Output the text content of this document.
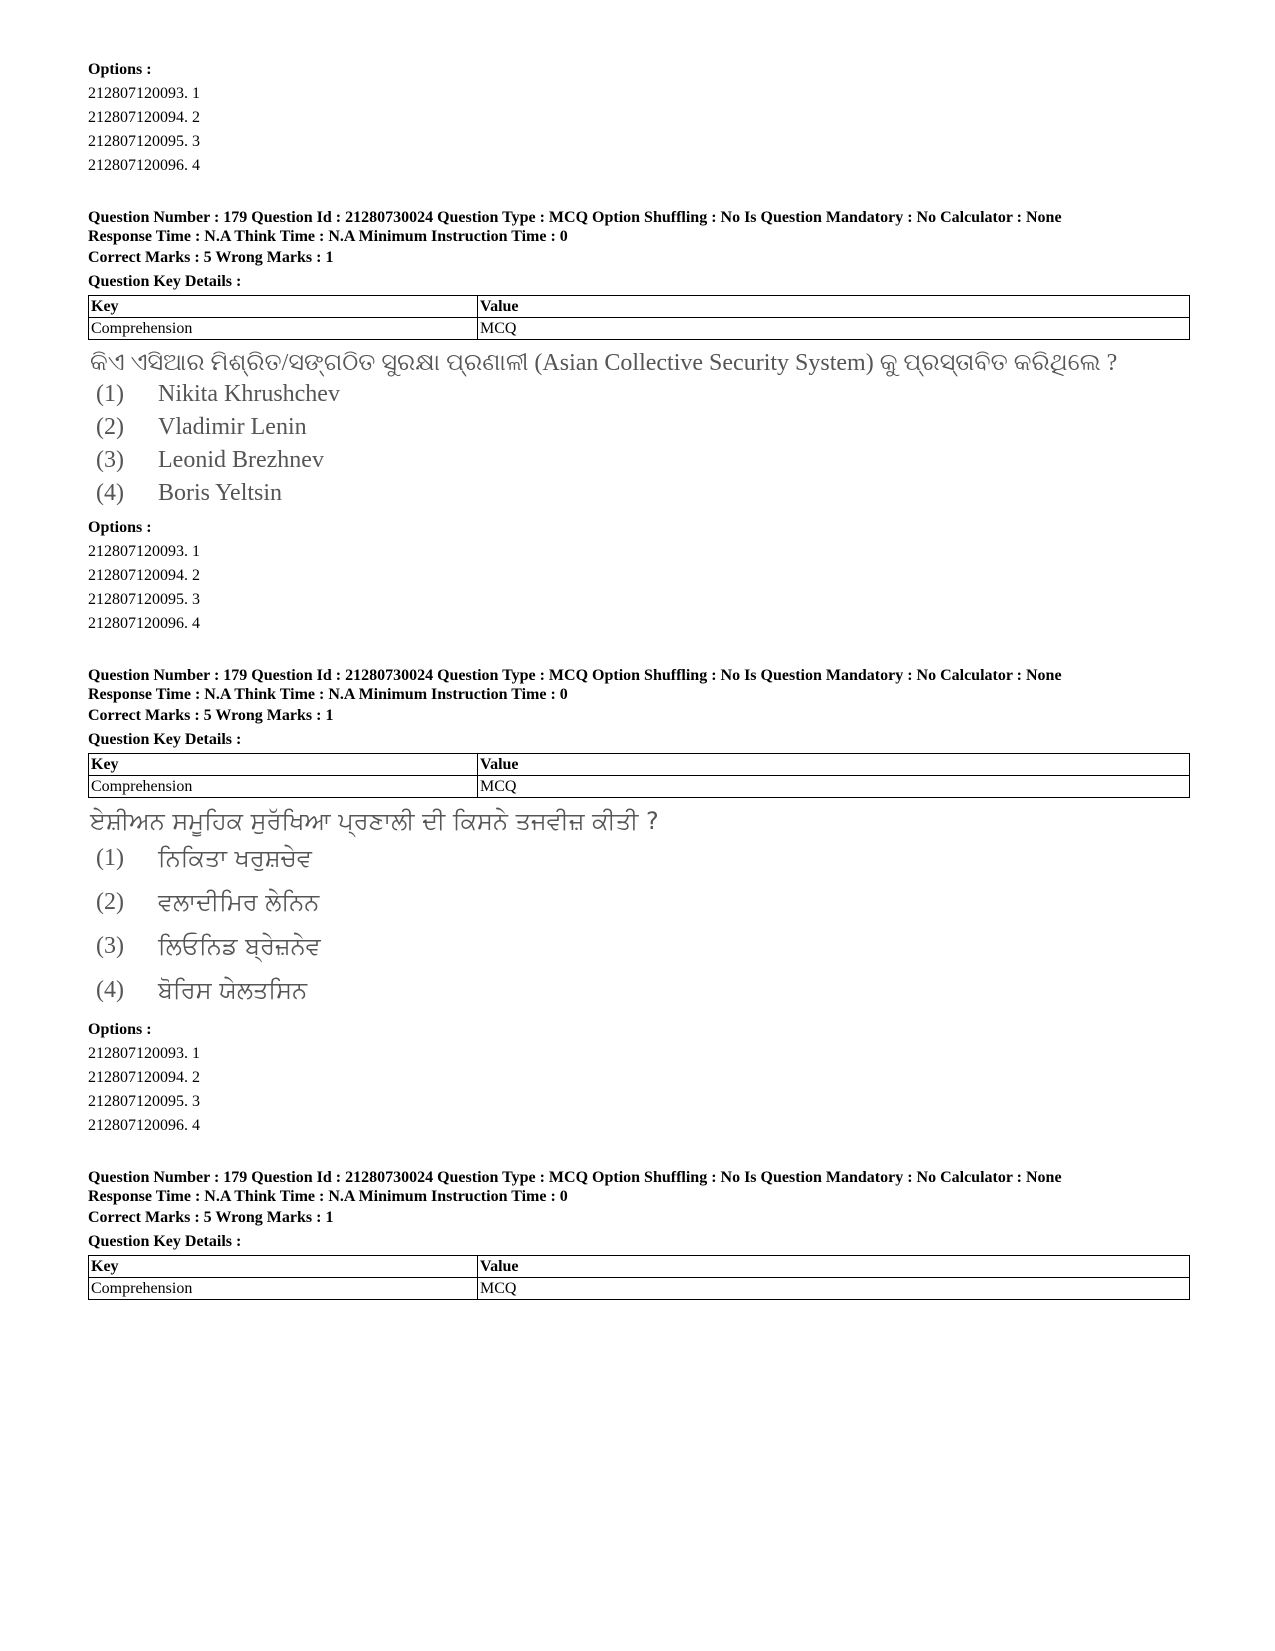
Options :
212807120093. 1
212807120094. 2
212807120095. 3
212807120096. 4
Question Number : 179 Question Id : 21280730024 Question Type : MCQ Option Shuffling : No Is Question Mandatory : No Calculator : None
Response Time : N.A Think Time : N.A Minimum Instruction Time : 0
Correct Marks : 5 Wrong Marks : 1
Question Key Details :
Key	Value
Comprehension	MCQ
କିଏ ଏସିଆର ମିଶ୍ରିତ/ସଙ୍ଗଠିତ ସୁରକ୍ଷା ପ୍ରଣାଳୀ (Asian Collective Security System) କୁ ପ୍ରସ୍ତାବିତ କରିଥିଲେ ?
(1)	Nikita Khrushchev
(2)	Vladimir Lenin
(3)	Leonid Brezhnev
(4)	Boris Yeltsin
Options :
212807120093. 1
212807120094. 2
212807120095. 3
212807120096. 4
Question Number : 179 Question Id : 21280730024 Question Type : MCQ Option Shuffling : No Is Question Mandatory : No Calculator : None
Response Time : N.A Think Time : N.A Minimum Instruction Time : 0
Correct Marks : 5 Wrong Marks : 1
Question Key Details :
Key	Value
Comprehension	MCQ
ਏਸ਼ੀਅਨ ਸਮੂਹਿਕ ਸੁਰੱਖਿਆ ਪ੍ਰਣਾਲੀ ਦੀ ਕਿਸਨੇ ਤਜਵੀਜ਼ ਕੀਤੀ ?
(1)	ਨਿਕਿਤਾ ਖਰੁਸ਼ਚੇਵ
(2)	ਵਲਾਦੀਮਿਰ ਲੇਨਿਨ
(3)	ਲਿਓਨਿਡ ਬ੍ਰੇਜ਼ਨੇਵ
(4)	ਬੋਰਿਸ ਯੇਲਤਸਿਨ
Options :
212807120093. 1
212807120094. 2
212807120095. 3
212807120096. 4
Question Number : 179 Question Id : 21280730024 Question Type : MCQ Option Shuffling : No Is Question Mandatory : No Calculator : None
Response Time : N.A Think Time : N.A Minimum Instruction Time : 0
Correct Marks : 5 Wrong Marks : 1
Question Key Details :
Key	Value
Comprehension	MCQ
